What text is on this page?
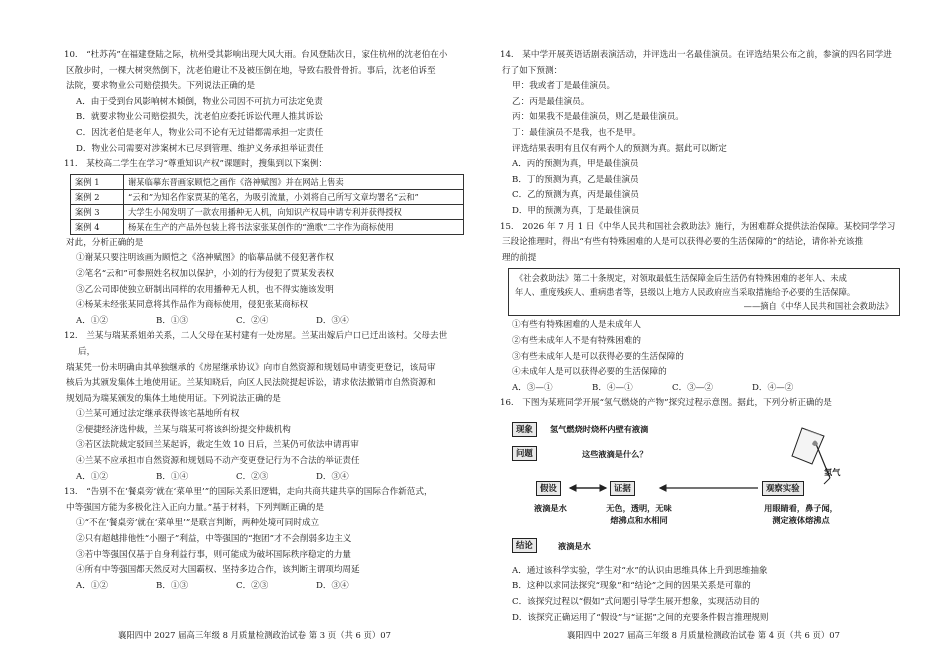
10.　“杜苏芮”在福建登陆之际，杭州受其影响出现大风大雨。台风登陆次日，家住杭州的沈老伯在小
区散步时，一棵大树突然倒下，沈老伯避让不及被压倒在地，导致右股骨骨折。事后，沈老伯诉至
法院，要求物业公司赔偿损失。下列说法正确的是
A．由于受到台风影响树木倾倒，物业公司因不可抗力可法定免责
B．就要求物业公司赔偿损失，沈老伯应委托诉讼代理人推其诉讼
C．因沈老伯是老年人，物业公司不论有无过错都需承担一定责任
D．物业公司需要对涉案树木已尽到管理、维护义务承担举证责任
11.　某校高二学生在学习“尊重知识产权”课题时，搜集到以下案例：
案例 1	谢某临摹东晋画家顾恺之画作《洛神赋图》并在网站上售卖
案例 2	“云和”为知名作家贾某的笔名，为吸引流量，小刘将自己所写文章均署名“云和”
案例 3	大学生小闻发明了一款农用播种无人机，向知识产权局申请专利并获得授权
案例 4	杨某在生产的产品外包装上将书法家张某创作的“渔歌”二字作为商标使用
对此，分析正确的是
①谢某只要注明该画为顾恺之《洛神赋图》的临摹品就不侵犯著作权
②笔名“云和”可参照姓名权加以保护，小刘的行为侵犯了贾某发表权
③乙公司即使独立研制出同样的农用播种无人机，也不得实施该发明
④杨某未经张某同意将其作品作为商标使用，侵犯张某商标权
A．①②	B．①③	C．②④	D．③④
12.　兰某与瑞某系姐弟关系，二人父母在某村建有一处房屋。兰某出嫁后户口已迁出该村。父母去世后，
瑞某凭一份未明确由其单独继承的《房屋继承协议》向市自然资源和规划局申请变更登记，该局审
核后为其颁发集体土地使用证。兰某知晓后，向区人民法院提起诉讼，请求依法撤销市自然资源和
规划局为瑞某颁发的集体土地使用证。下列说法正确的是
①兰某可通过法定继承获得该宅基地所有权
②便捷经济选仲裁，兰某与瑞某可将该纠纷提交仲裁机构
③若区法院裁定驳回兰某起诉，裁定生效 10 日后，兰某仍可依法申请再审
④兰某不应承担市自然资源和规划局不动产变更登记行为不合法的举证责任
A．①②	B．①④	C．②③	D．③④
13.　“告别不在‘餐桌旁’就在‘菜单里’”的国际关系旧逻辑，走向共商共建共享的国际合作新范式，
中等强国方能为多极化注入正向力量。”基于材料，下列判断正确的是
①“不在‘餐桌旁’就在‘菜单里’”是联言判断，两种处境可同时成立
②只有超越排他性“小圈子”利益，中等强国的“抱团”才不会削弱多边主义
③若中等强国仅基于自身利益行事，则可能成为破坏国际秩序稳定的力量
④所有中等强国都天然反对大国霸权、坚持多边合作，该判断主谓项均周延
A．①②	B．①③	C．②③	D．③④
14.　某中学开展英语话剧表演活动，并评选出一名最佳演员。在评选结果公布之前，参演的四名同学进
行了如下预测：
甲：我或者丁是最佳演员。
乙：丙是最佳演员。
丙：如果我不是最佳演员，则乙是最佳演员。
丁：最佳演员不是我，也不是甲。
评选结果表明有且仅有两个人的预测为真。据此可以断定
A．丙的预测为真，甲是最佳演员
B．丁的预测为真，乙是最佳演员
C．乙的预测为真，丙是最佳演员
D．甲的预测为真，丁是最佳演员
15.　2026 年 7 月 1 日《中华人民共和国社会救助法》施行，为困难群众提供法治保障。某校同学学习
三段论推理时，得出“有些有特殊困难的人是可以获得必要的生活保障的”的结论，请你补充该推
理的前提
《社会救助法》第二十条规定，对领取最低生活保障金后生活仍有特殊困难的老年人、未成
年人、重度残疾人、重病患者等，县级以上地方人民政府应当采取措施给予必要的生活保障。
——摘自《中华人民共和国社会救助法》
①有些有特殊困难的人是未成年人
②有些未成年人不是有特殊困难的
③有些未成年人是可以获得必要的生活保障的
④未成年人是可以获得必要的生活保障的
A．③—①	B．④—①	C．③—②	D．④—②
16.　下图为某班同学开展“氢气燃烧的产物”探究过程示意图。据此，下列分析正确的是
现象	氢气燃烧时烧杯内壁有液滴
问题	这些液滴是什么？
假设	证据	观察实验
氢气
液滴是水	无色，透明，无味
熔沸点和水相同
用眼睛看，鼻子闻，
测定液体熔沸点
结论	液滴是水
A．通过该科学实验，学生对“水”的认识由思维具体上升到思维抽象
B．这种以求同法探究“现象”和“结论”之间的因果关系是可靠的
C．该探究过程以“假如”式问题引导学生展开想象，实现活动目的
D．该探究正确运用了“假设”与“证据”之间的充要条件假言推理规则
襄阳四中 2027 届高三年级 8 月质量检测政治试卷 第 3 页（共 6 页）07	襄阳四中 2027 届高三年级 8 月质量检测政治试卷 第 4 页（共 6 页）07
